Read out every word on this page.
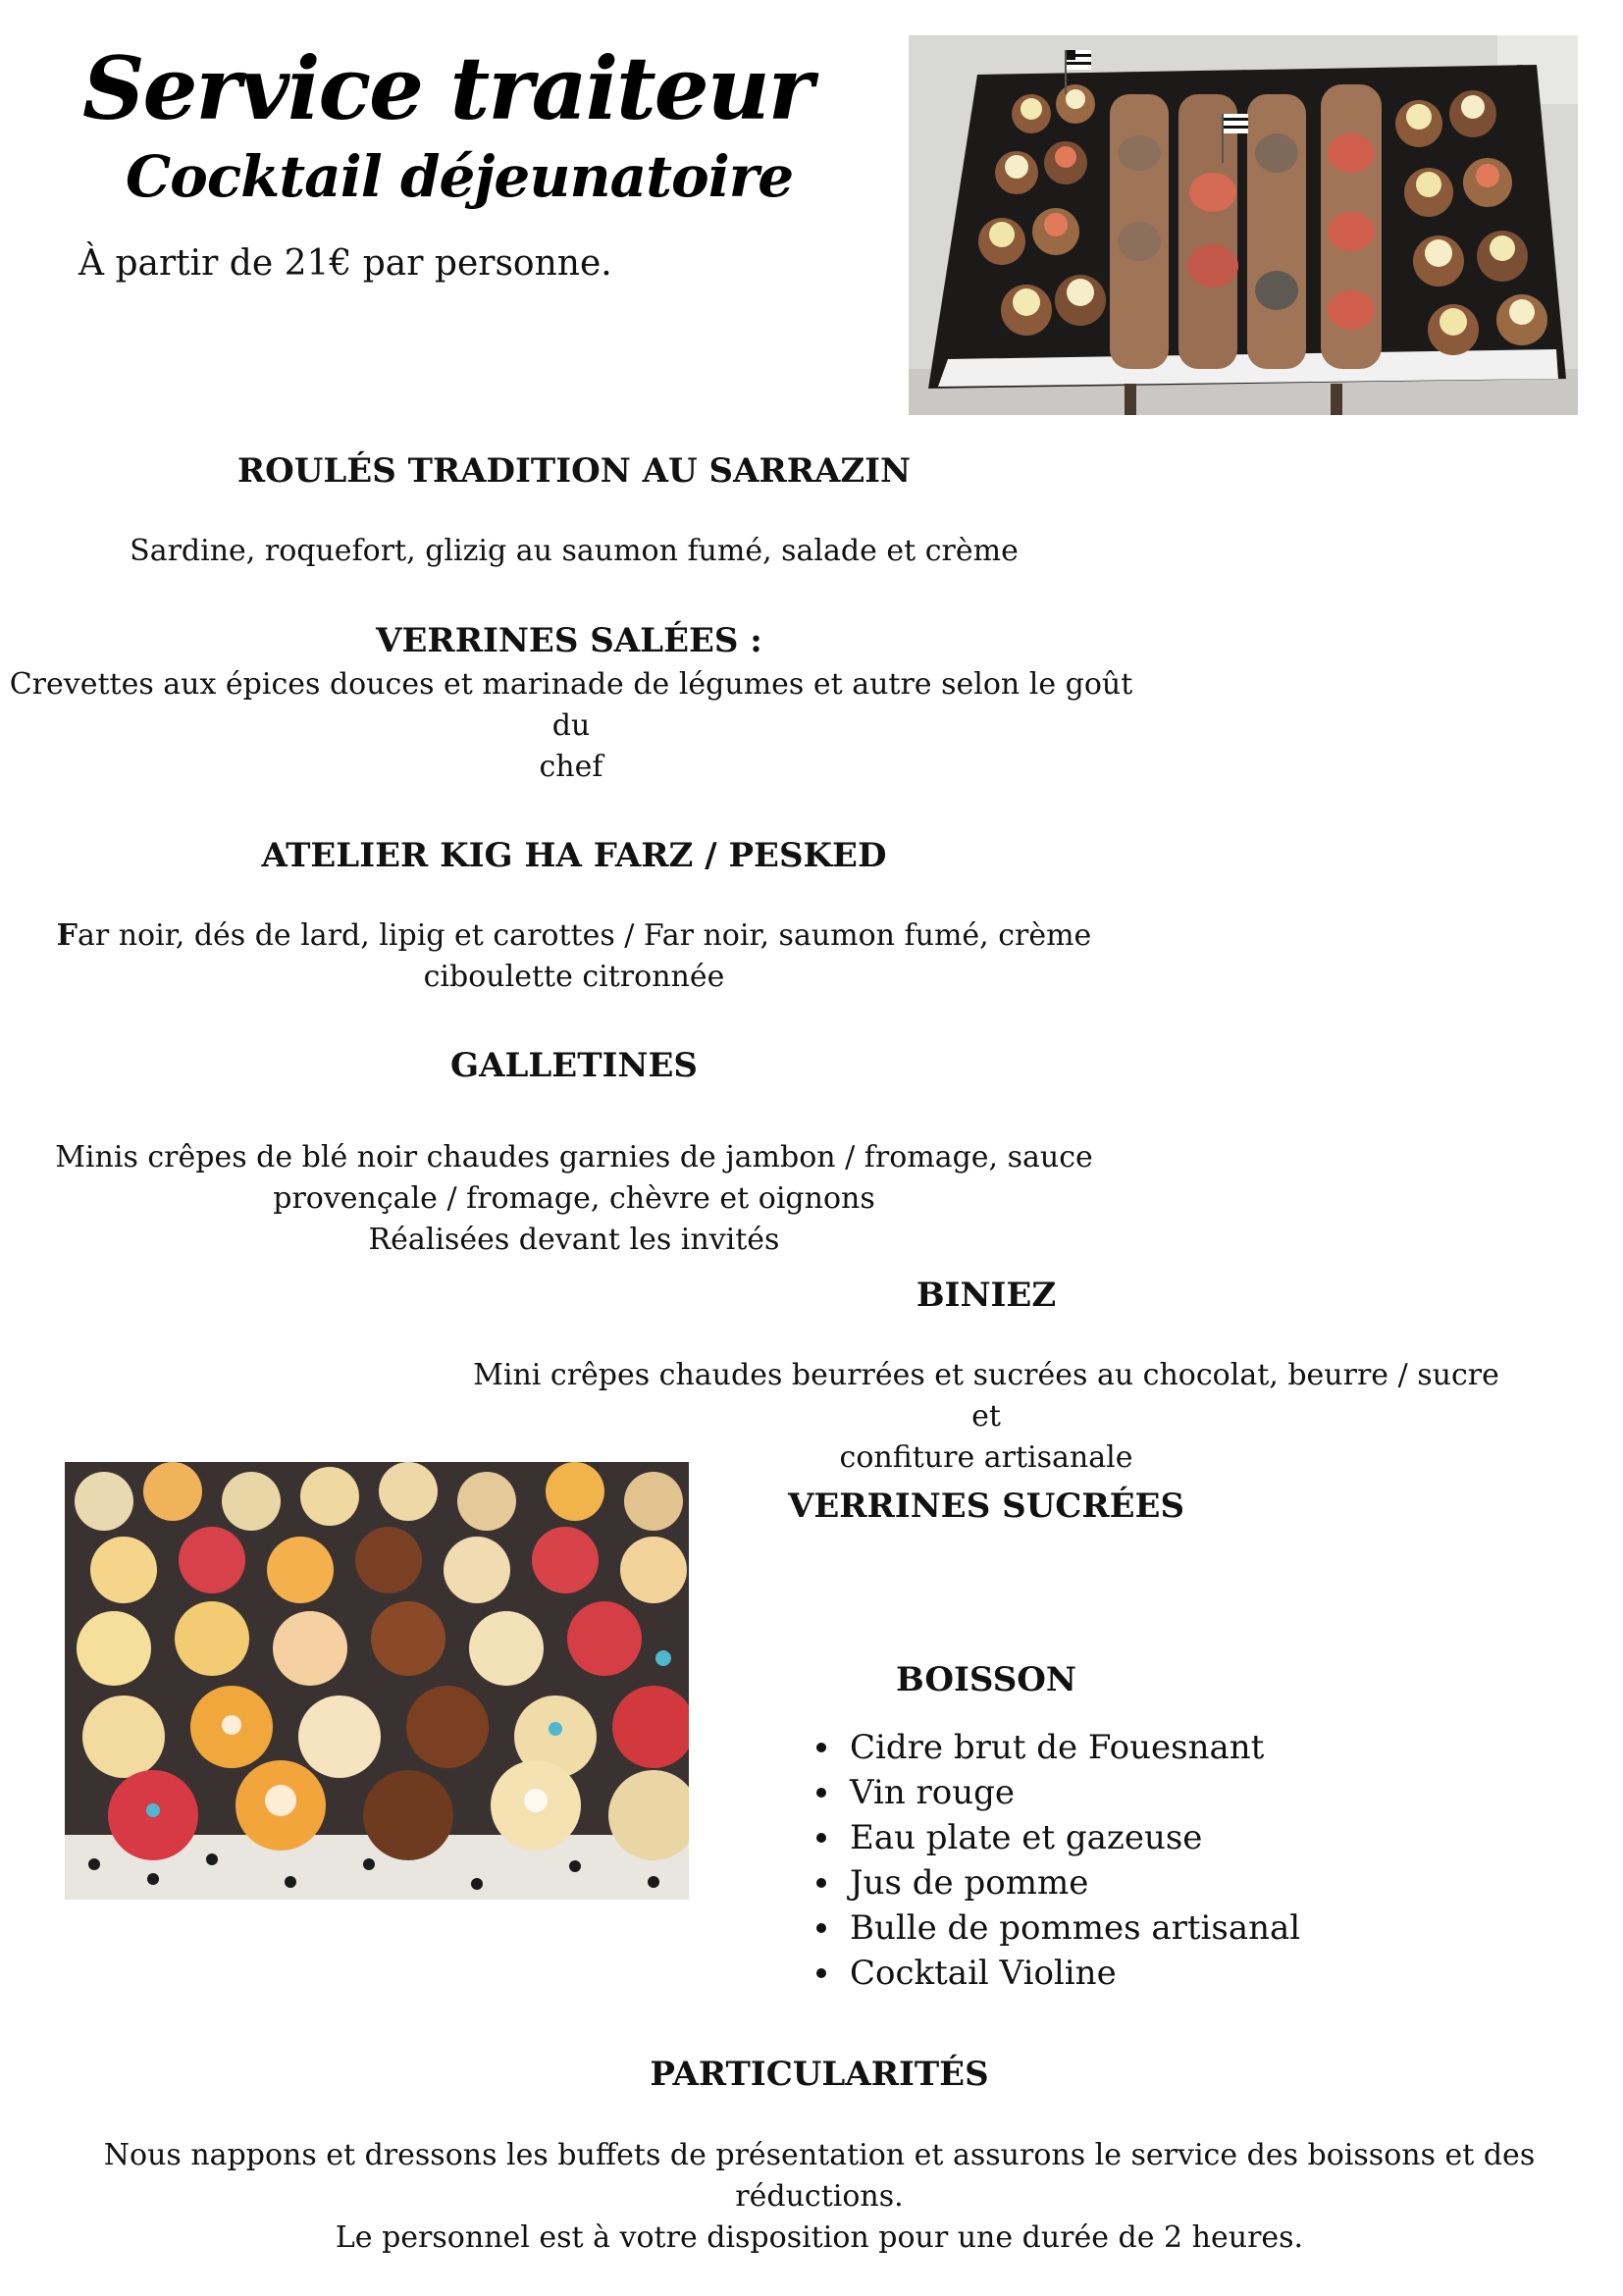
Service traiteur
Cocktail déjeunatoire
À partir de 21€ par personne.
ROULÉS TRADITION AU SARRAZIN
Sardine, roquefort, glizig au saumon fumé, salade et crème
VERRINES SALÉES :
Crevettes aux épices douces et marinade de légumes et autre selon le goût du
chef
ATELIER KIG HA FARZ / PESKED
Far noir, dés de lard, lipig et carottes / Far noir, saumon fumé, crème
ciboulette citronnée
GALLETINES
Minis crêpes de blé noir chaudes garnies de jambon / fromage, sauce
provençale / fromage, chèvre et oignons
Réalisées devant les invités
BINIEZ
Mini crêpes chaudes beurrées et sucrées au chocolat, beurre / sucre et
confiture artisanale
VERRINES SUCRÉES
BOISSON
Cidre brut de Fouesnant
Vin rouge
Eau plate et gazeuse
Jus de pomme
Bulle de pommes artisanal
Cocktail Violine
PARTICULARITÉS
Nous nappons et dressons les buffets de présentation et assurons le service des boissons et des
réductions.
Le personnel est à votre disposition pour une durée de 2 heures.
